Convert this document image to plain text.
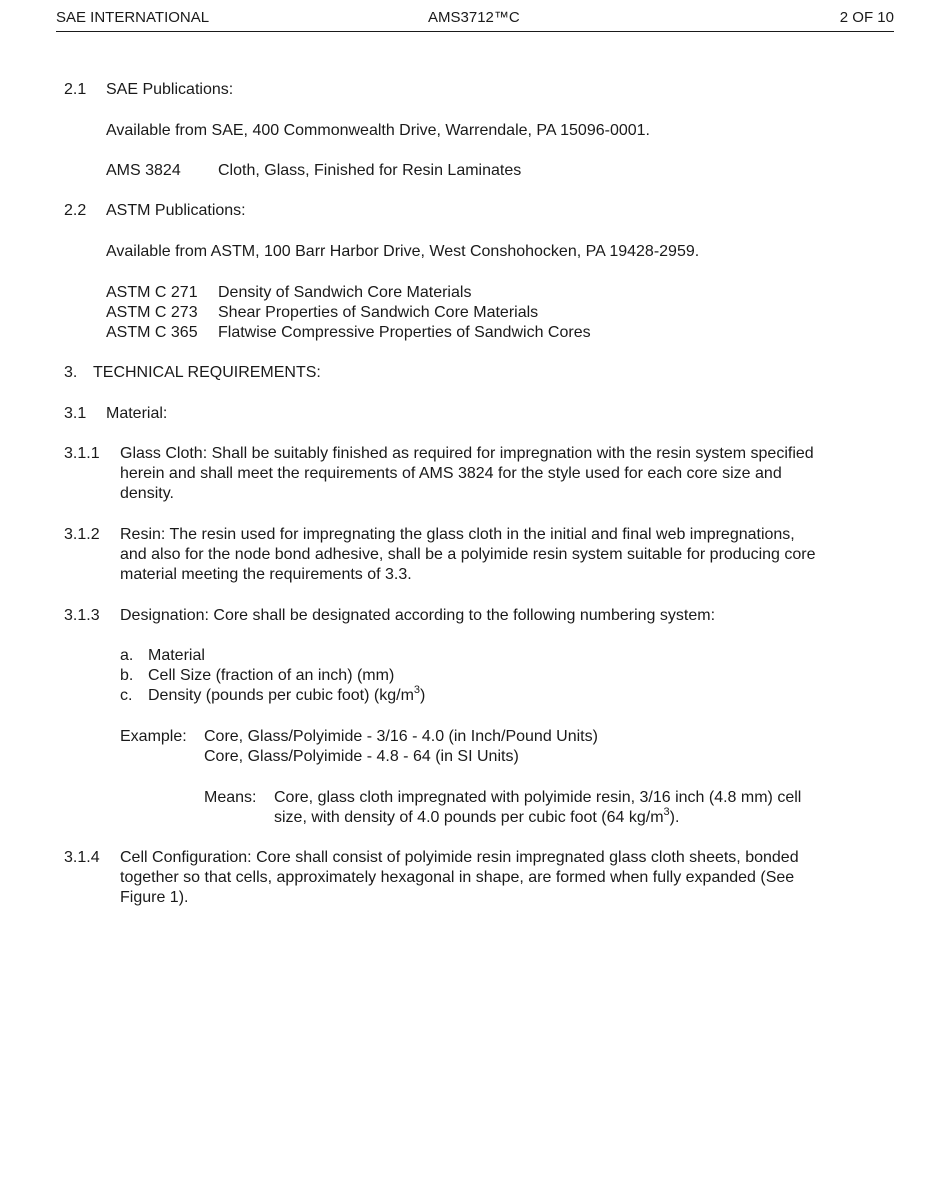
SAE INTERNATIONAL	AMS3712™C	2 OF 10
2.1 SAE Publications:
Available from SAE, 400 Commonwealth Drive, Warrendale, PA 15096-0001.
AMS 3824 Cloth, Glass, Finished for Resin Laminates
2.2 ASTM Publications:
Available from ASTM, 100 Barr Harbor Drive, West Conshohocken, PA 19428-2959.
ASTM C 271 Density of Sandwich Core Materials
ASTM C 273 Shear Properties of Sandwich Core Materials
ASTM C 365 Flatwise Compressive Properties of Sandwich Cores
3. TECHNICAL REQUIREMENTS:
3.1 Material:
3.1.1 Glass Cloth: Shall be suitably finished as required for impregnation with the resin system specified
herein and shall meet the requirements of AMS 3824 for the style used for each core size and
density.
3.1.2 Resin: The resin used for impregnating the glass cloth in the initial and final web impregnations,
and also for the node bond adhesive, shall be a polyimide resin system suitable for producing core
material meeting the requirements of 3.3.
3.1.3 Designation: Core shall be designated according to the following numbering system:
a. Material
b. Cell Size (fraction of an inch) (mm)
c. Density (pounds per cubic foot) $(kg/m^3)$
Example: Core, Glass/Polyimide - 3/16 - 4.0 (in Inch/Pound Units)
Core, Glass/Polyimide - 4.8 - 64 (in SI Units)
Means: Core, glass cloth impregnated with polyimide resin, 3/16 inch (4.8 mm) cell
size, with density of 4.0 pounds per cubic foot (64 $kg/m^3$).
3.1.4 Cell Configuration: Core shall consist of polyimide resin impregnated glass cloth sheets, bonded
together so that cells, approximately hexagonal in shape, are formed when fully expanded (See
Figure 1).
